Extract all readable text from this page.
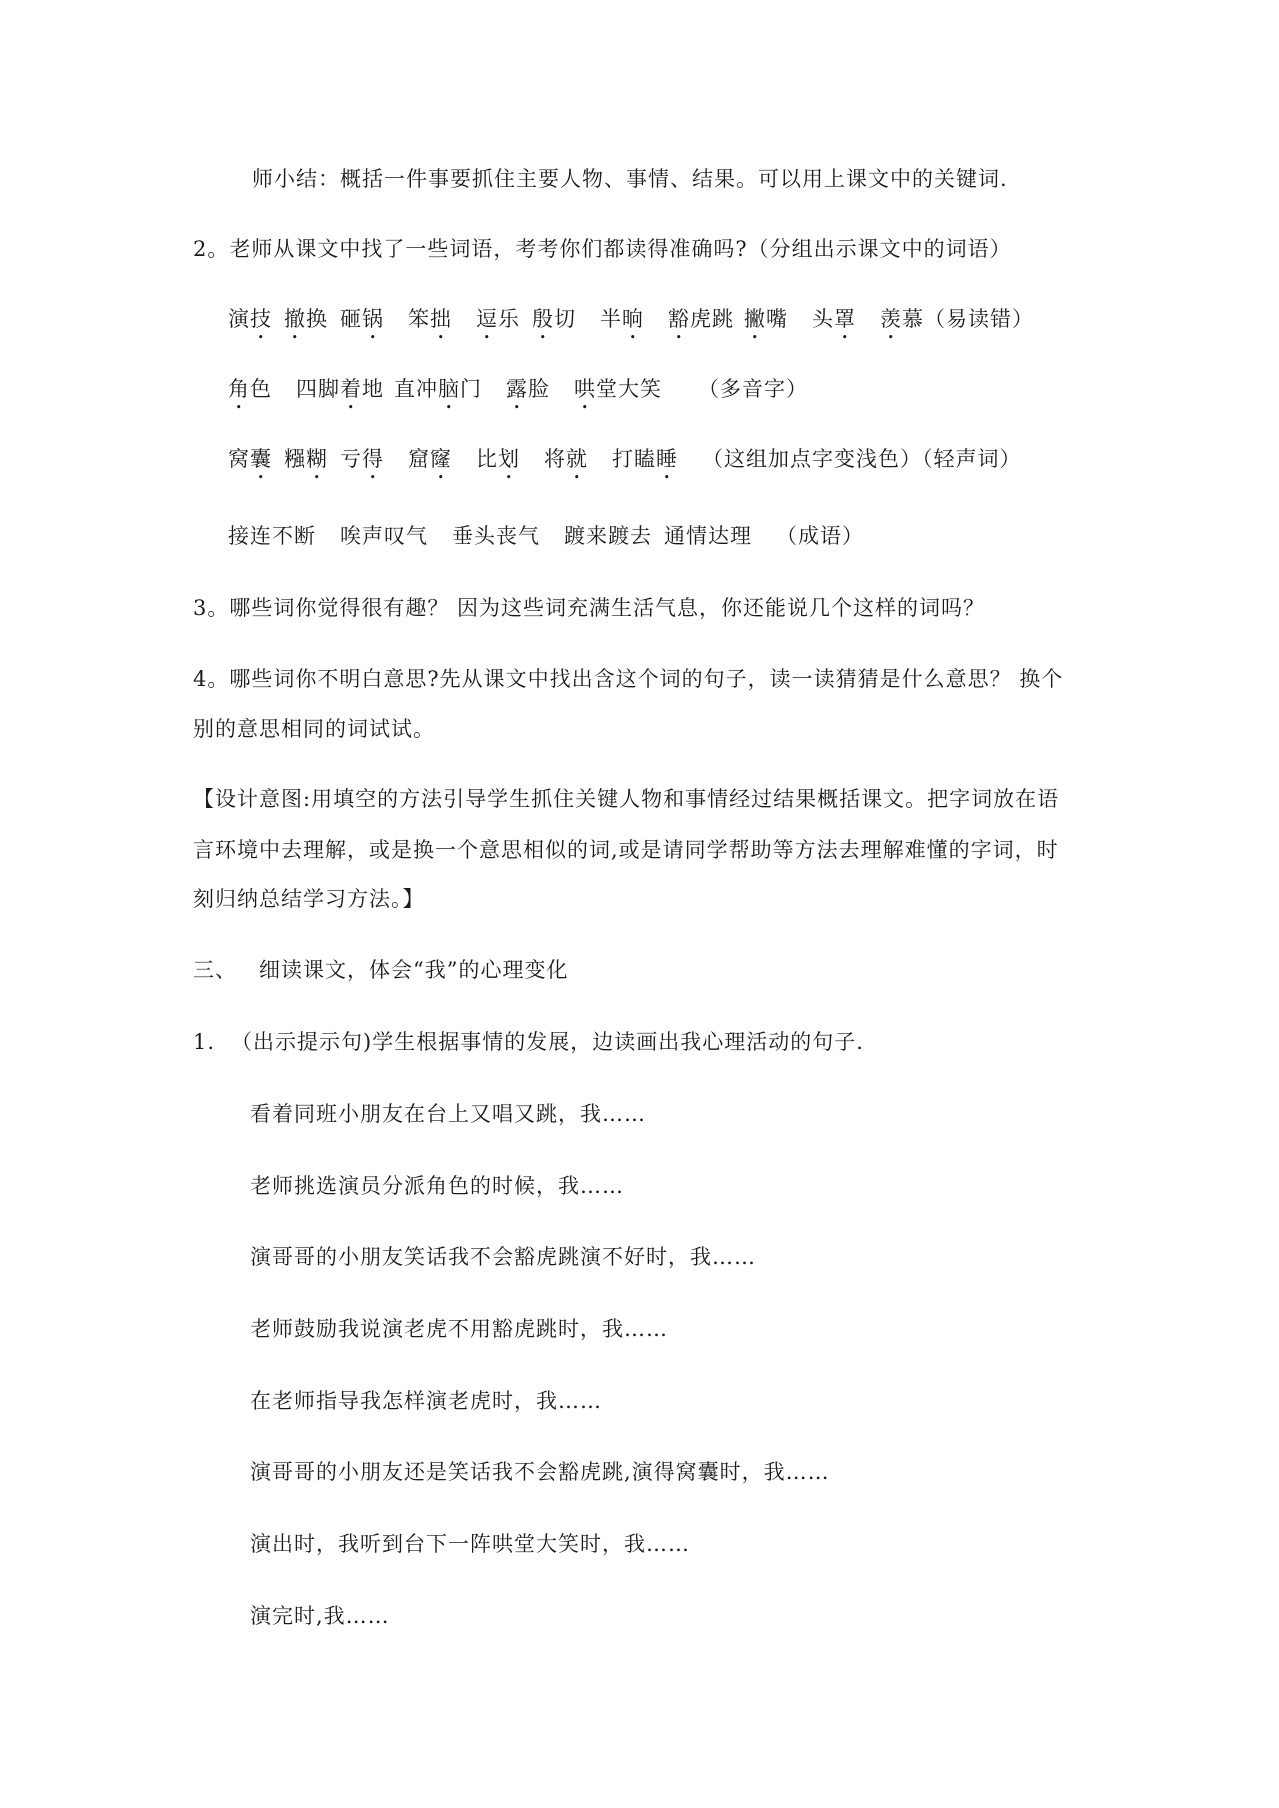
师小结：概括一件事要抓住主要人物、事情、结果。可以用上课文中的关键词.
2。老师从课文中找了一些词语，考考你们都读得准确吗?（分组出示课文中的词语）
演技 撤换 砸锅 笨拙 逗乐 殷切 半晌 豁虎跳 撇嘴 头罩 羡慕（易读错）
角色 四脚着地 直冲脑门 露脸 哄堂大笑 （多音字）
窝囊 糨糊 亏得 窟窿 比划 将就 打瞌睡 （这组加点字变浅色）（轻声词）
接连不断 唉声叹气 垂头丧气 踱来踱去 通情达理 （成语）
3。哪些词你觉得很有趣？ 因为这些词充满生活气息，你还能说几个这样的词吗？
4。哪些词你不明白意思?先从课文中找出含这个词的句子，读一读猜猜是什么意思？ 换个
别的意思相同的词试试。
【设计意图:用填空的方法引导学生抓住关键人物和事情经过结果概括课文。把字词放在语
言环境中去理解，或是换一个意思相似的词,或是请同学帮助等方法去理解难懂的字词，时
刻归纳总结学习方法。】
三、 细读课文，体会“我”的心理变化
1. （出示提示句)学生根据事情的发展，边读画出我心理活动的句子.
看着同班小朋友在台上又唱又跳，我……
老师挑选演员分派角色的时候，我……
演哥哥的小朋友笑话我不会豁虎跳演不好时，我……
老师鼓励我说演老虎不用豁虎跳时，我……
在老师指导我怎样演老虎时，我……
演哥哥的小朋友还是笑话我不会豁虎跳,演得窝囊时，我……
演出时，我听到台下一阵哄堂大笑时，我……
演完时,我……
